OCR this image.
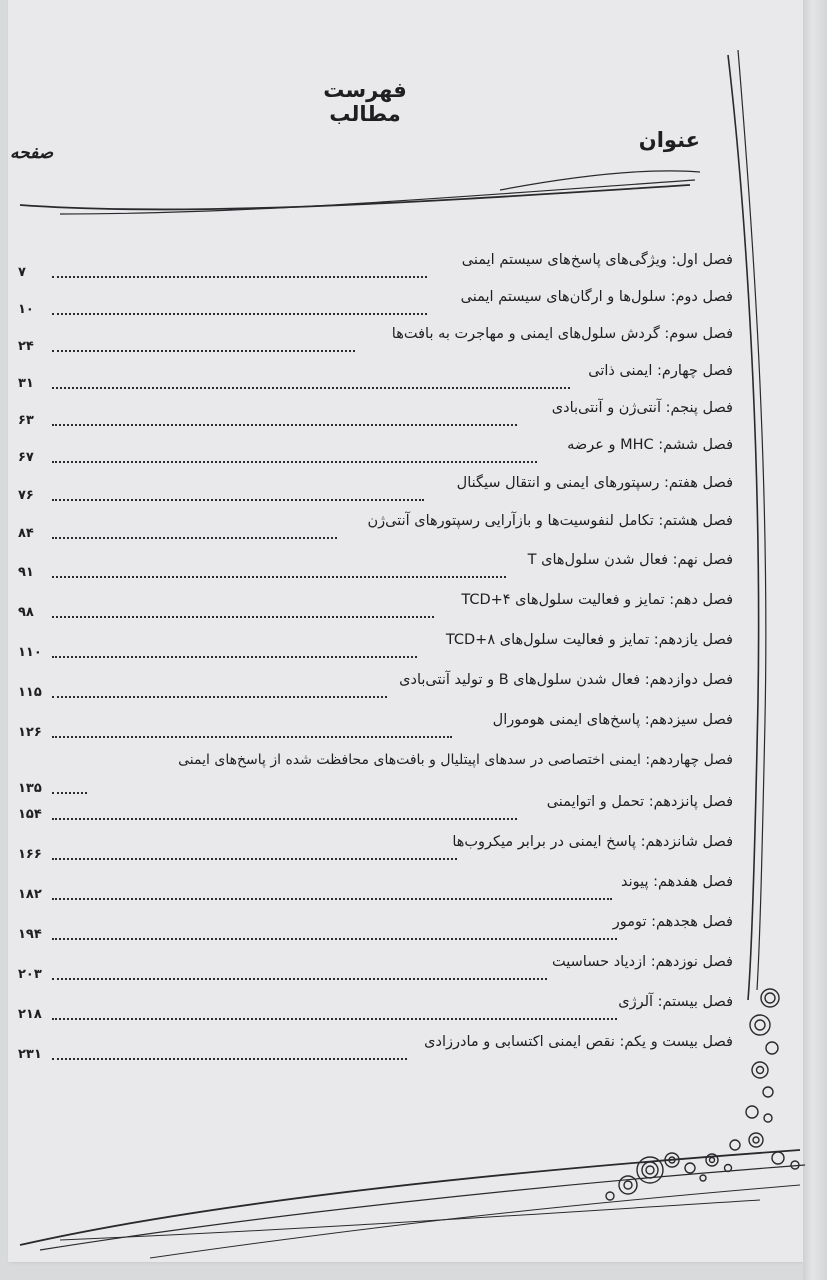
فهرست مطالب
عنوان
صفحه
فصل اول: ویژگی‌های پاسخ‌های سیستم ایمنی
۷
فصل دوم: سلول‌ها و ارگان‌های سیستم ایمنی
۱۰
فصل سوم: گردش سلول‌های ایمنی و مهاجرت به بافت‌ها
۲۴
فصل چهارم: ایمنی ذاتی
۳۱
فصل پنجم: آنتی‌ژن و آنتی‌بادی
۶۳
فصل ششم: MHC و عرضه
۶۷
فصل هفتم: رسپتورهای ایمنی و انتقال سیگنال
۷۶
فصل هشتم: تکامل لنفوسیت‌ها و بازآرایی رسپتورهای آنتی‌ژن
۸۴
فصل نهم: فعال شدن سلول‌های T
۹۱
فصل دهم: تمایز و فعالیت سلول‌های ۴+TCD
۹۸
فصل یازدهم: تمایز و فعالیت سلول‌های ۸+TCD
۱۱۰
فصل دوازدهم: فعال شدن سلول‌های B و تولید آنتی‌بادی
۱۱۵
فصل سیزدهم: پاسخ‌های ایمنی هومورال
۱۲۶
فصل چهاردهم: ایمنی اختصاصی در سدهای اپیتلیال و بافت‌های محافظت شده از پاسخ‌های ایمنی
۱۳۵
فصل پانزدهم: تحمل و اتوایمنی
۱۵۴
فصل شانزدهم: پاسخ ایمنی در برابر میکروب‌ها
۱۶۶
فصل هفدهم: پیوند
۱۸۲
فصل هجدهم: تومور
۱۹۴
فصل نوزدهم: ازدیاد حساسیت
۲۰۳
فصل بیستم: آلرژی
۲۱۸
فصل بیست و یکم: نقص ایمنی اکتسابی و مادرزادی
۲۳۱
